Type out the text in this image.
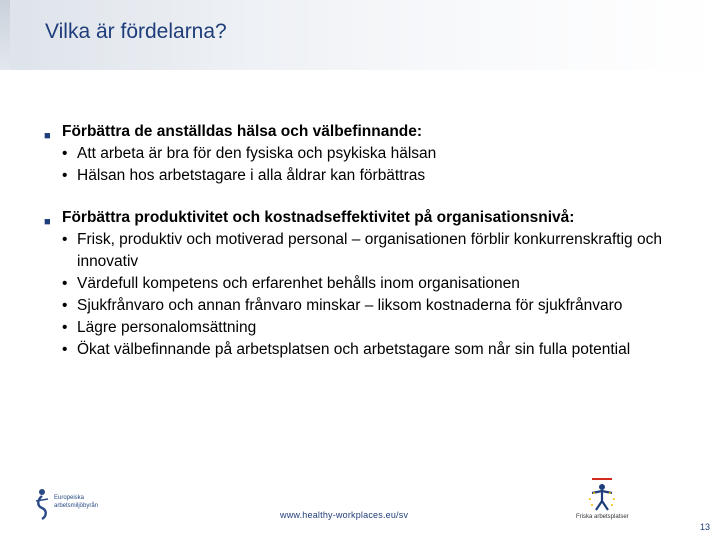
Vilka är fördelarna?
■ Förbättra de anställdas hälsa och välbefinnande:
• Att arbeta är bra för den fysiska och psykiska hälsan
• Hälsan hos arbetstagare i alla åldrar kan förbättras
■ Förbättra produktivitet och kostnadseffektivitet på organisationsnivå:
• Frisk, produktiv och motiverad personal – organisationen förblir konkurrenskraftig och innovativ
• Värdefull kompetens och erfarenhet behålls inom organisationen
• Sjukfrånvaro och annan frånvaro minskar – liksom kostnaderna för sjukfrånvaro
• Lägre personalomsättning
• Ökat välbefinnande på arbetsplatsen och arbetstagare som når sin fulla potential
Europeiska
arbetsmiljöbyrån
www.healthy-workplaces.eu/sv	Friska arbetsplatser
13
